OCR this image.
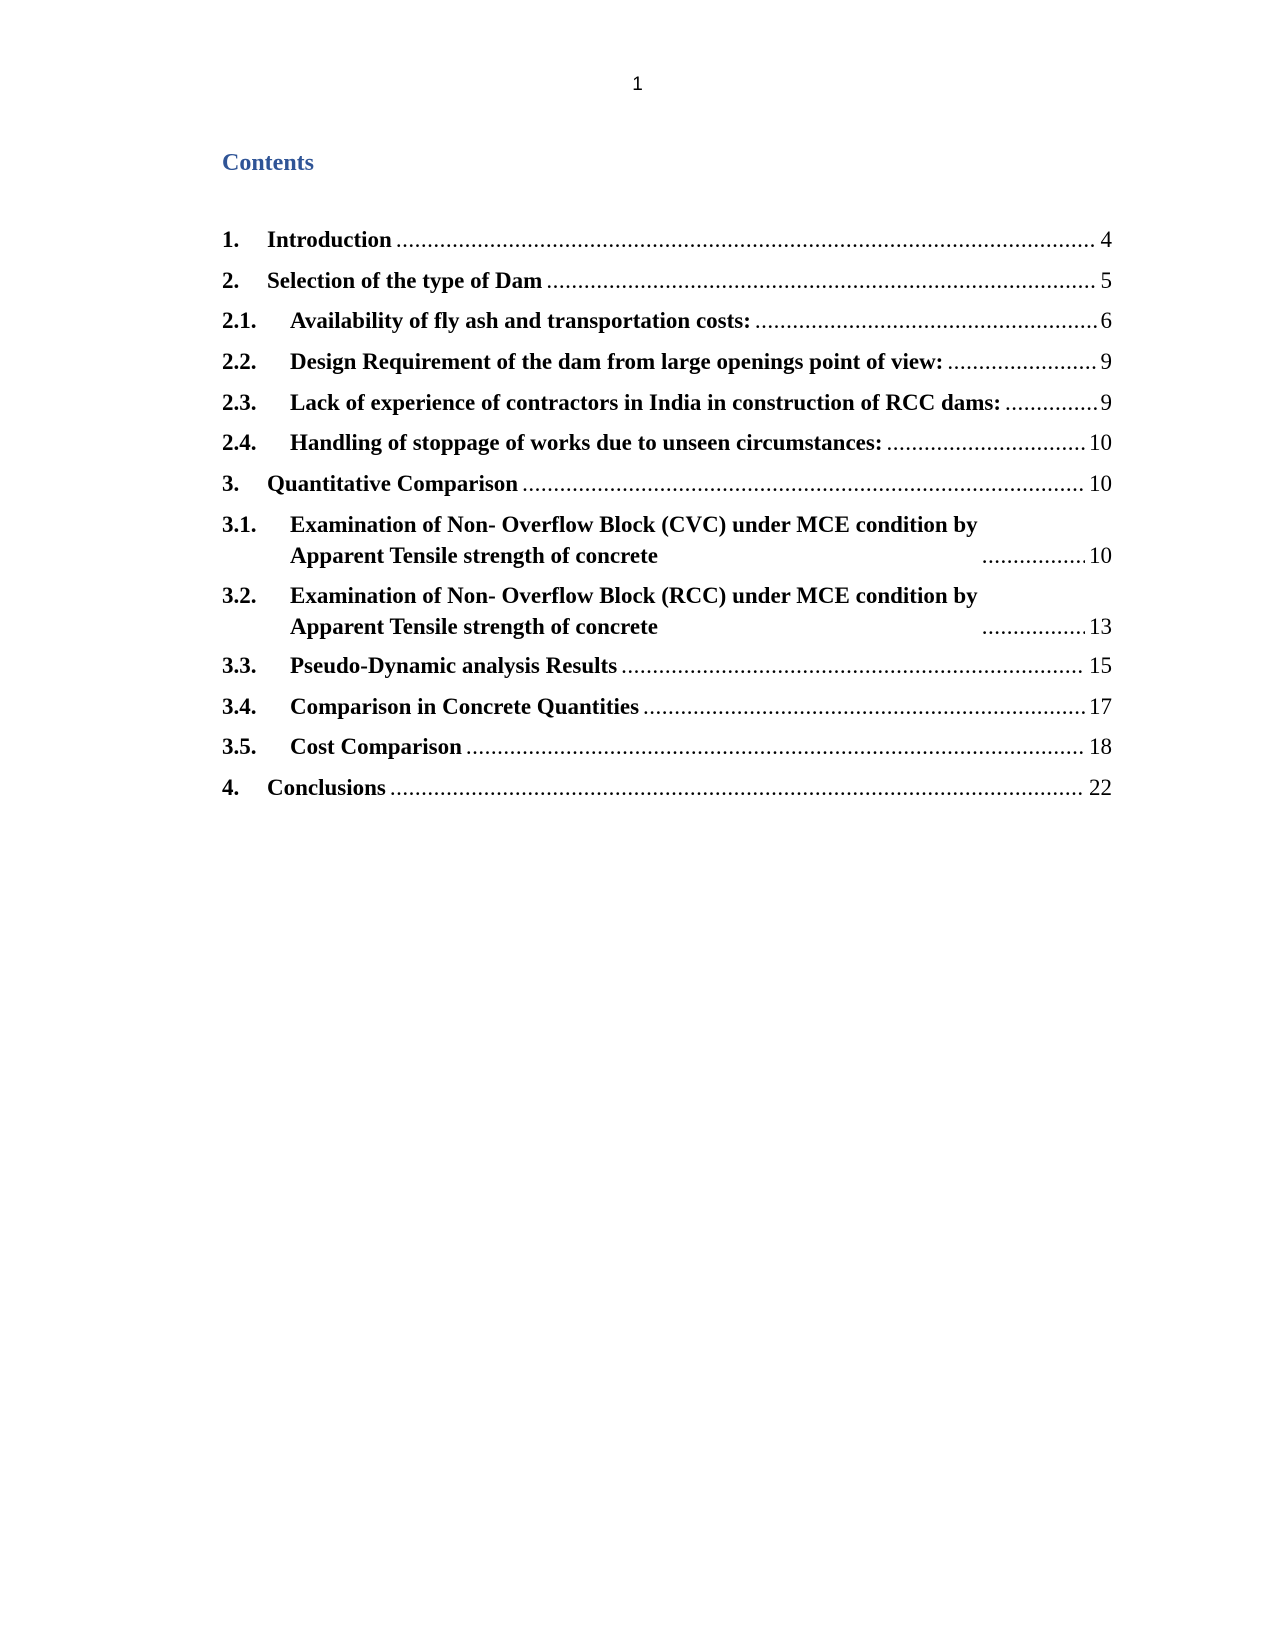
1
Contents
1. Introduction .....	4
2. Selection of the type of Dam .....	5
2.1. Availability of fly ash and transportation costs: .....	6
2.2. Design Requirement of the dam from large openings point of view: .....	9
2.3. Lack of experience of contractors in India in construction of RCC dams: .....	9
2.4. Handling of stoppage of works due to unseen circumstances: .....	10
3. Quantitative Comparison .....	10
3.1. Examination of Non- Overflow Block (CVC) under MCE condition by
Apparent Tensile strength of concrete .....	10
3.2. Examination of Non- Overflow Block (RCC) under MCE condition by
Apparent Tensile strength of concrete .....	13
3.3. Pseudo-Dynamic analysis Results .....	15
3.4. Comparison in Concrete Quantities .....	17
3.5. Cost Comparison .....	18
4. Conclusions .....	22
